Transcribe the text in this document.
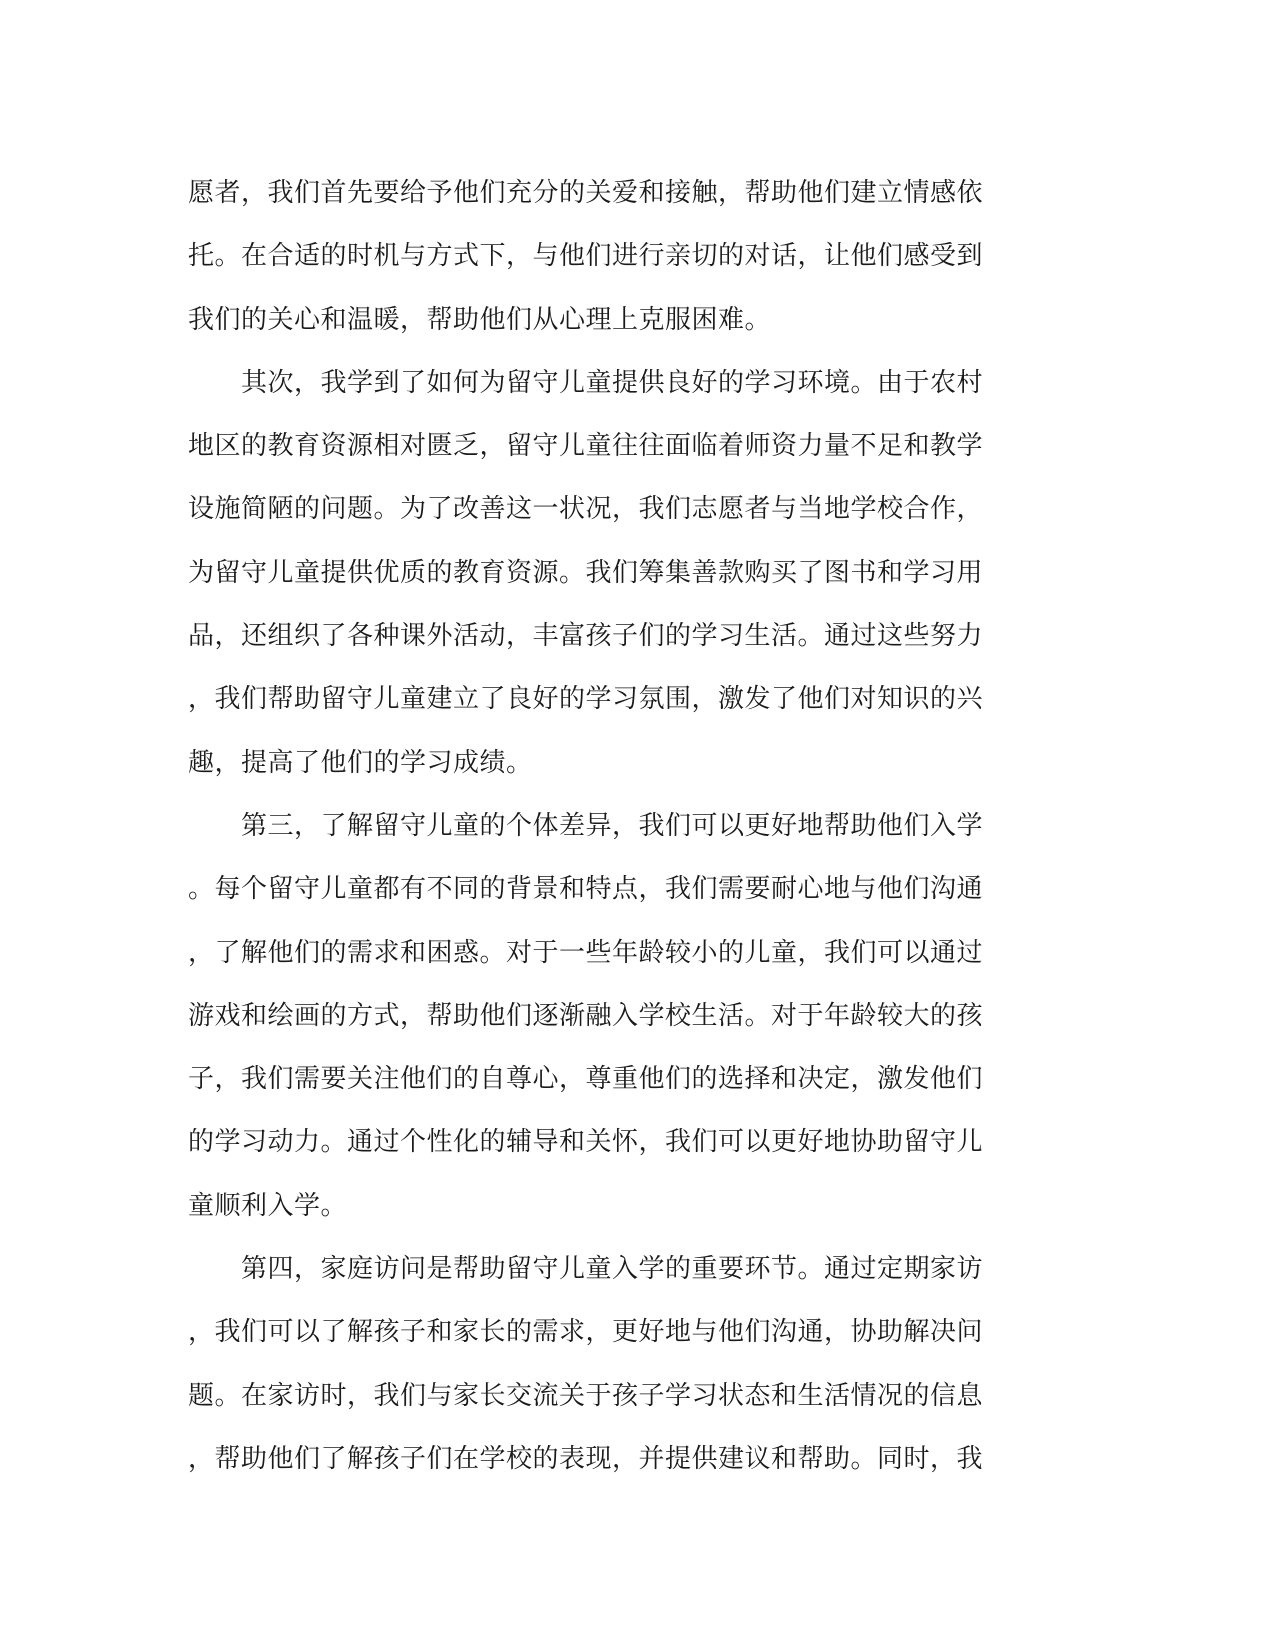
愿者，我们首先要给予他们充分的关爱和接触，帮助他们建立情感依
托。在合适的时机与方式下，与他们进行亲切的对话，让他们感受到
我们的关心和温暖，帮助他们从心理上克服困难。
　　其次，我学到了如何为留守儿童提供良好的学习环境。由于农村
地区的教育资源相对匮乏，留守儿童往往面临着师资力量不足和教学
设施简陋的问题。为了改善这一状况，我们志愿者与当地学校合作，
为留守儿童提供优质的教育资源。我们筹集善款购买了图书和学习用
品，还组织了各种课外活动，丰富孩子们的学习生活。通过这些努力
，我们帮助留守儿童建立了良好的学习氛围，激发了他们对知识的兴
趣，提高了他们的学习成绩。
　　第三，了解留守儿童的个体差异，我们可以更好地帮助他们入学
。每个留守儿童都有不同的背景和特点，我们需要耐心地与他们沟通
，了解他们的需求和困惑。对于一些年龄较小的儿童，我们可以通过
游戏和绘画的方式，帮助他们逐渐融入学校生活。对于年龄较大的孩
子，我们需要关注他们的自尊心，尊重他们的选择和决定，激发他们
的学习动力。通过个性化的辅导和关怀，我们可以更好地协助留守儿
童顺利入学。
　　第四，家庭访问是帮助留守儿童入学的重要环节。通过定期家访
，我们可以了解孩子和家长的需求，更好地与他们沟通，协助解决问
题。在家访时，我们与家长交流关于孩子学习状态和生活情况的信息
，帮助他们了解孩子们在学校的表现，并提供建议和帮助。同时，我
